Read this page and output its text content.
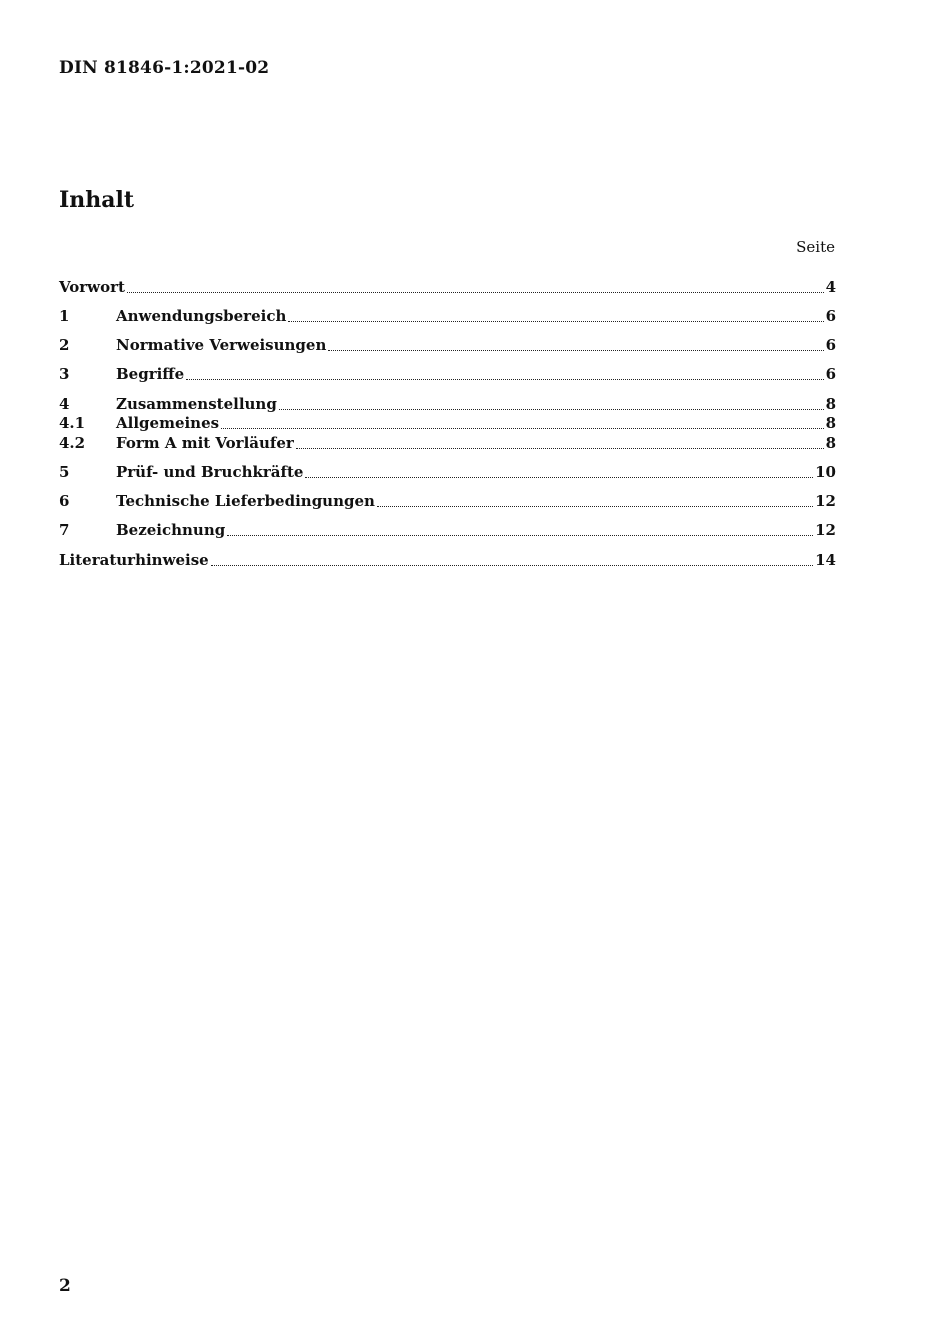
DIN 81846-1:2021-02
Inhalt
Seite
Vorwort	4
1	Anwendungsbereich	6
2	Normative Verweisungen	6
3	Begriffe	6
4	Zusammenstellung	8
4.1	Allgemeines	8
4.2	Form A mit Vorläufer	8
5	Prüf- und Bruchkräfte	10
6	Technische Lieferbedingungen	12
7	Bezeichnung	12
Literaturhinweise	14
2
